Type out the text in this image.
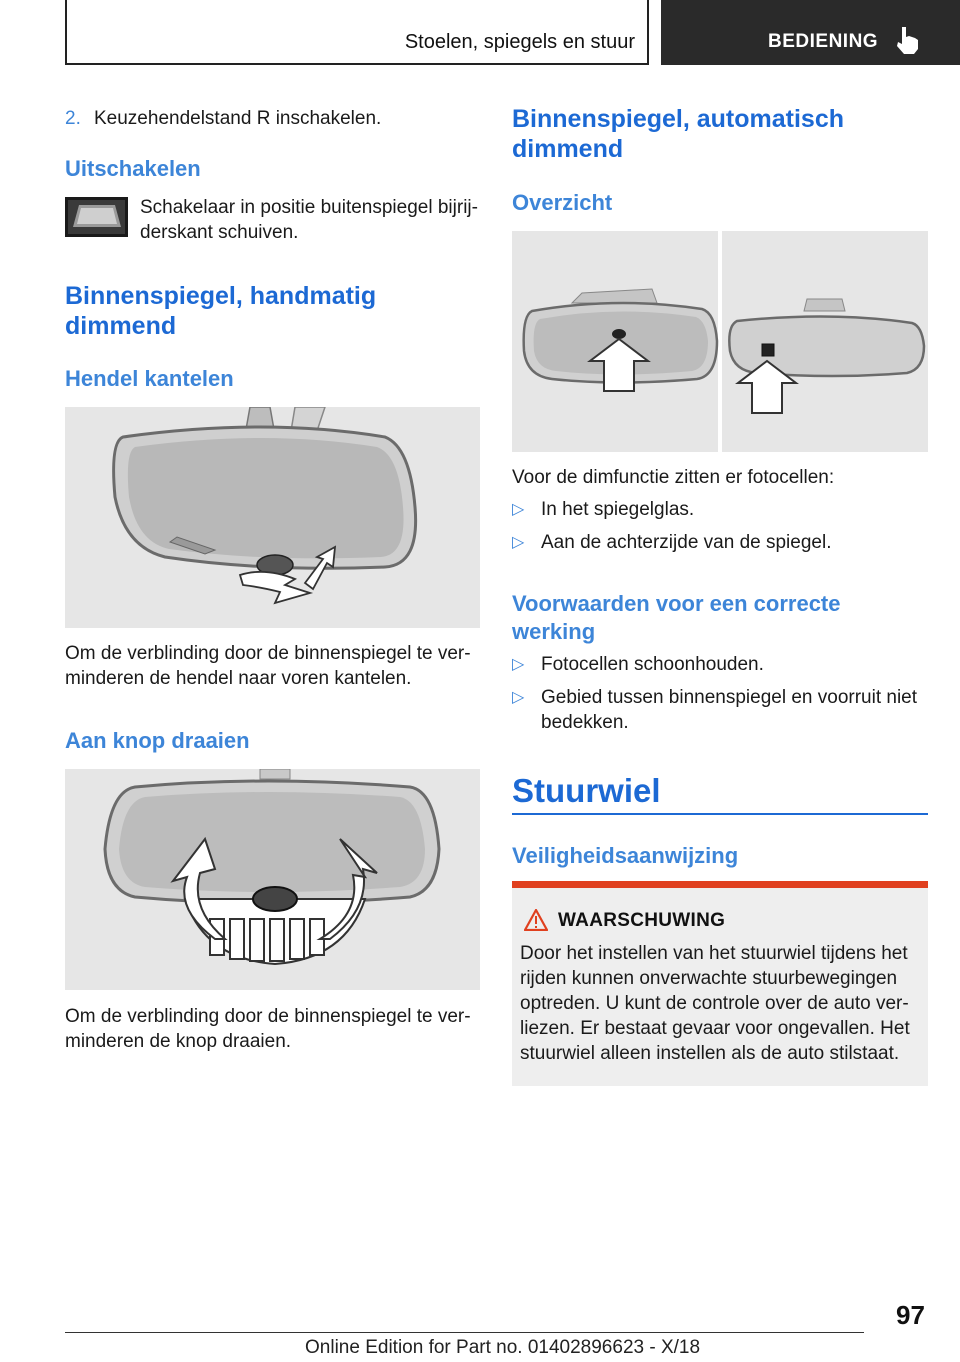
Stoelen, spiegels en stuur	BEDIENING
2. Keuzehendelstand R inschakelen.
Uitschakelen
Schakelaar in positie buitenspiegel bijrij-derskant schuiven.
Binnenspiegel, handmatig dimmend
Hendel kantelen
Om de verblinding door de binnenspiegel te ver-minderen de hendel naar voren kantelen.
Aan knop draaien
Om de verblinding door de binnenspiegel te ver-minderen de knop draaien.
Binnenspiegel, automatisch dimmend
Overzicht
Voor de dimfunctie zitten er fotocellen:
▷ In het spiegelglas.
▷ Aan de achterzijde van de spiegel.
Voorwaarden voor een correcte werking
▷ Fotocellen schoonhouden.
▷ Gebied tussen binnenspiegel en voorruit niet bedekken.
Stuurwiel
Veiligheidsaanwijzing
WAARSCHUWING
Door het instellen van het stuurwiel tijdens het rijden kunnen onverwachte stuurbewegingen optreden. U kunt de controle over de auto ver-liezen. Er bestaat gevaar voor ongevallen. Het stuurwiel alleen instellen als de auto stilstaat.
97
Online Edition for Part no. 01402896623 - X/18
